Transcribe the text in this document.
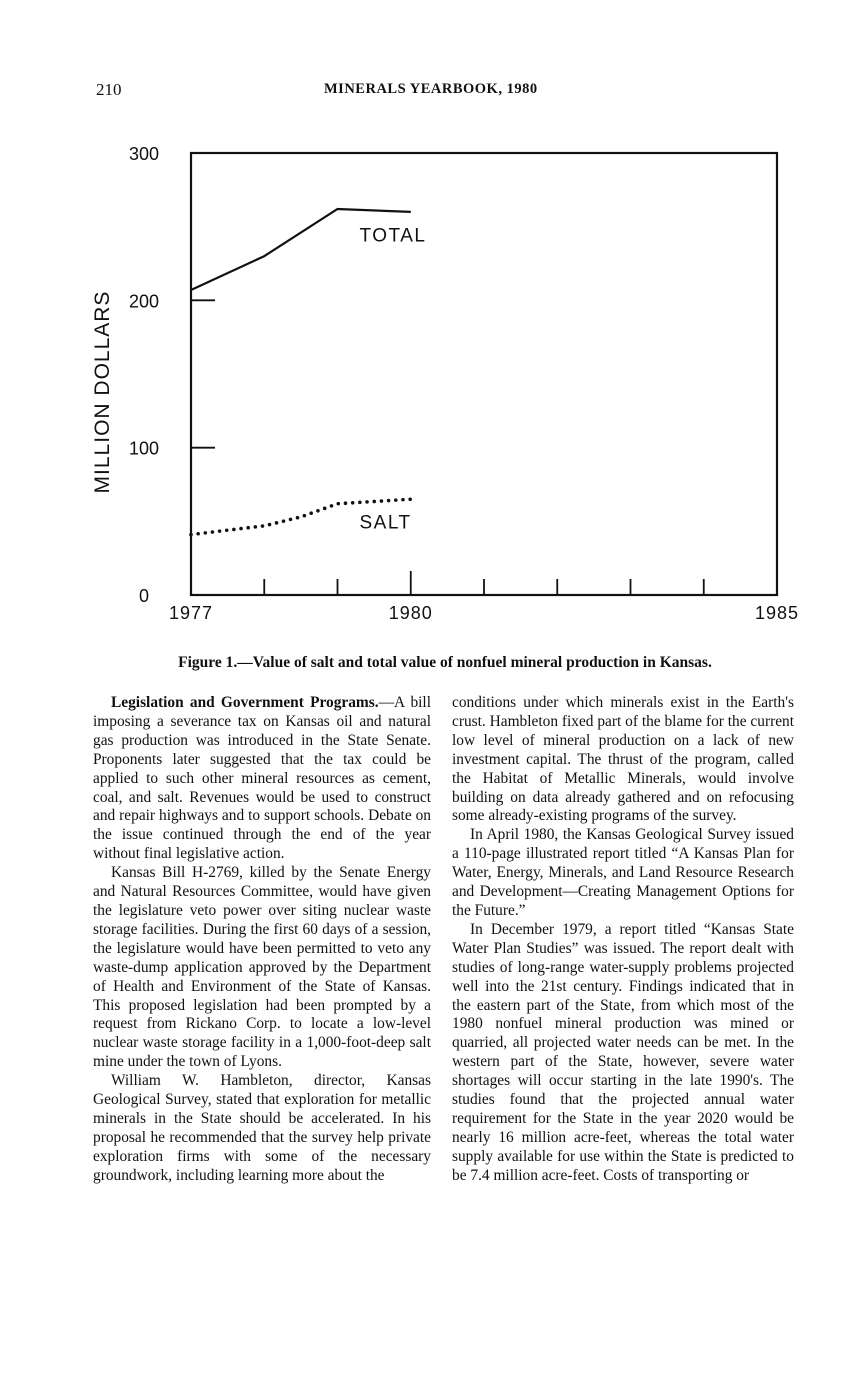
210	MINERALS YEARBOOK, 1980
0
100
200
300
1977	1980	1985
MILLION DOLLARS
TOTAL
SALT
Figure 1.—Value of salt and total value of nonfuel mineral production in Kansas.

Legislation and Government Programs.—A bill imposing a severance tax on Kansas oil and natural gas production was introduced in the State Senate. Proponents later suggested that the tax could be applied to such other mineral resources as cement, coal, and salt. Revenues would be used to construct and repair highways and to support schools. Debate on the issue continued through the end of the year without final legislative action.

Kansas Bill H-2769, killed by the Senate Energy and Natural Resources Committee, would have given the legislature veto power over siting nuclear waste storage facilities. During the first 60 days of a session, the legislature would have been permitted to veto any waste-dump application approved by the Department of Health and Environment of the State of Kansas. This proposed legislation had been prompted by a request from Rickano Corp. to locate a low-level nuclear waste storage facility in a 1,000-foot-deep salt mine under the town of Lyons.

William W. Hambleton, director, Kansas Geological Survey, stated that exploration for metallic minerals in the State should be accelerated. In his proposal he recommended that the survey help private exploration firms with some of the necessary groundwork, including learning more about the

conditions under which minerals exist in the Earth's crust. Hambleton fixed part of the blame for the current low level of mineral production on a lack of new investment capital. The thrust of the program, called the Habitat of Metallic Minerals, would involve building on data already gathered and on refocusing some already-existing programs of the survey.

In April 1980, the Kansas Geological Survey issued a 110-page illustrated report titled “A Kansas Plan for Water, Energy, Minerals, and Land Resource Research and Development—Creating Management Options for the Future.”

In December 1979, a report titled “Kansas State Water Plan Studies” was issued. The report dealt with studies of long-range water-supply problems projected well into the 21st century. Findings indicated that in the eastern part of the State, from which most of the 1980 nonfuel mineral production was mined or quarried, all projected water needs can be met. In the western part of the State, however, severe water shortages will occur starting in the late 1990's. The studies found that the projected annual water requirement for the State in the year 2020 would be nearly 16 million acre-feet, whereas the total water supply available for use within the State is predicted to be 7.4 million acre-feet. Costs of transporting or
